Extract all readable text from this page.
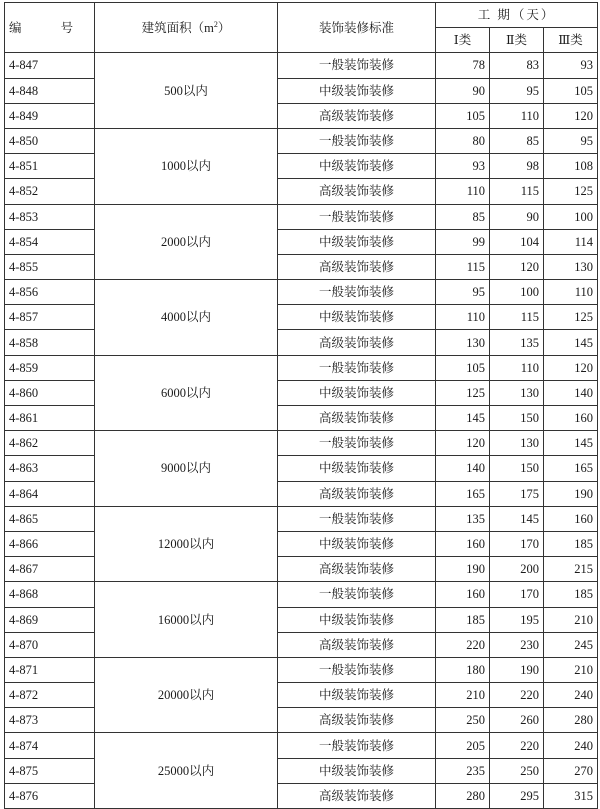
编 号	建筑面积$(m^2)$	装饰装修标准	工 期（天）		
			Ⅰ类	Ⅱ类	Ⅲ类
4-847	500以内	一般装饰装修	78	83	93
4-848		中级装饰装修	90	95	105
4-849		高级装饰装修	105	110	120
4-850	1000以内	一般装饰装修	80	85	95
4-851		中级装饰装修	93	98	108
4-852		高级装饰装修	110	115	125
4-853	2000以内	一般装饰装修	85	90	100
4-854		中级装饰装修	99	104	114
4-855		高级装饰装修	115	120	130
4-856	4000以内	一般装饰装修	95	100	110
4-857		中级装饰装修	110	115	125
4-858		高级装饰装修	130	135	145
4-859	6000以内	一般装饰装修	105	110	120
4-860		中级装饰装修	125	130	140
4-861		高级装饰装修	145	150	160
4-862	9000以内	一般装饰装修	120	130	145
4-863		中级装饰装修	140	150	165
4-864		高级装饰装修	165	175	190
4-865	12000以内	一般装饰装修	135	145	160
4-866		中级装饰装修	160	170	185
4-867		高级装饰装修	190	200	215
4-868	16000以内	一般装饰装修	160	170	185
4-869		中级装饰装修	185	195	210
4-870		高级装饰装修	220	230	245
4-871	20000以内	一般装饰装修	180	190	210
4-872		中级装饰装修	210	220	240
4-873		高级装饰装修	250	260	280
4-874	25000以内	一般装饰装修	205	220	240
4-875		中级装饰装修	235	250	270
4-876		高级装饰装修	280	295	315
